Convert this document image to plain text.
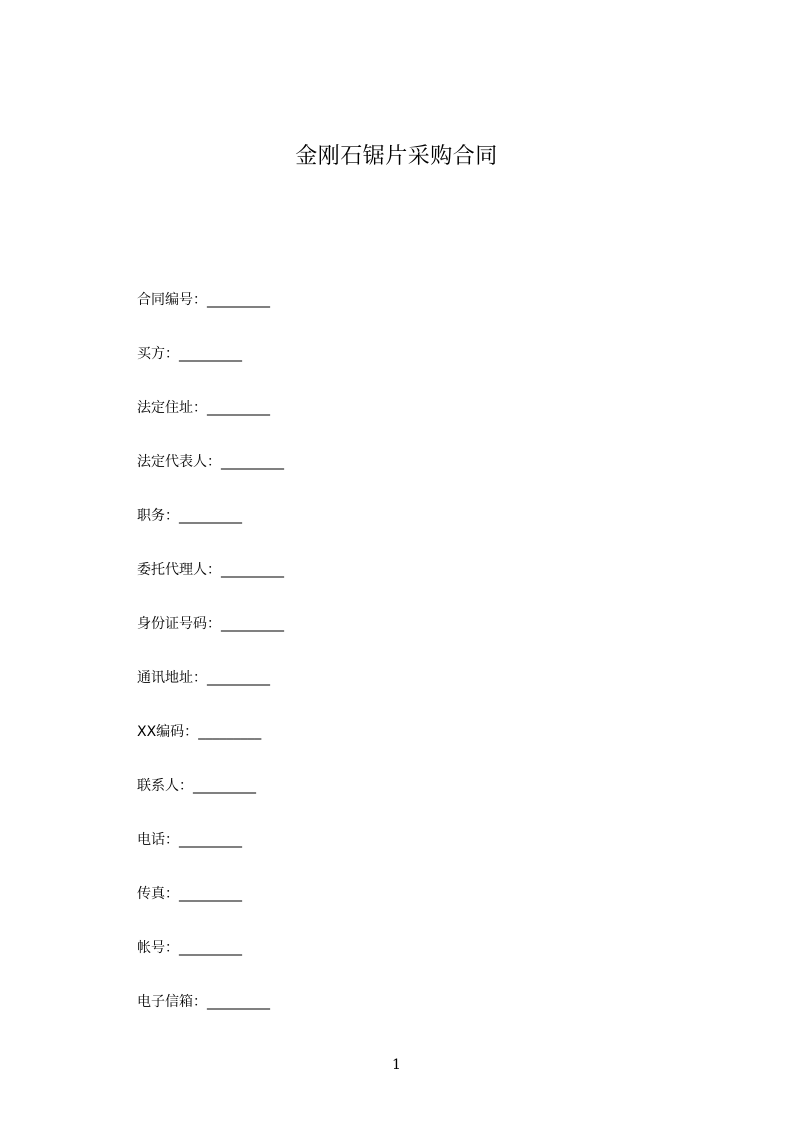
金刚石锯片采购合同
合同编号：_________
买方：_________
法定住址：_________
法定代表人：_________
职务：_________
委托代理人：_________
身份证号码：_________
通讯地址：_________
XX编码：_________
联系人：_________
电话：_________
传真：_________
帐号：_________
电子信箱：_________
1
